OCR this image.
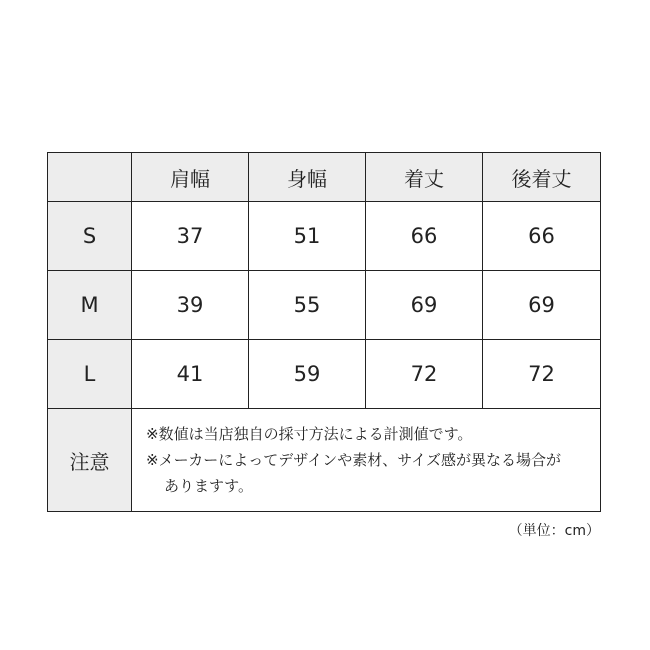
	肩幅	身幅	着丈	後着丈
S	37	51	66	66
M	39	55	69	69
L	41	59	72	72
注意	※数値は当店独自の採寸方法による計測値です。
※メーカーによってデザインや素材、サイズ感が異なる場合が
ありますす。			
（単位：cm）
